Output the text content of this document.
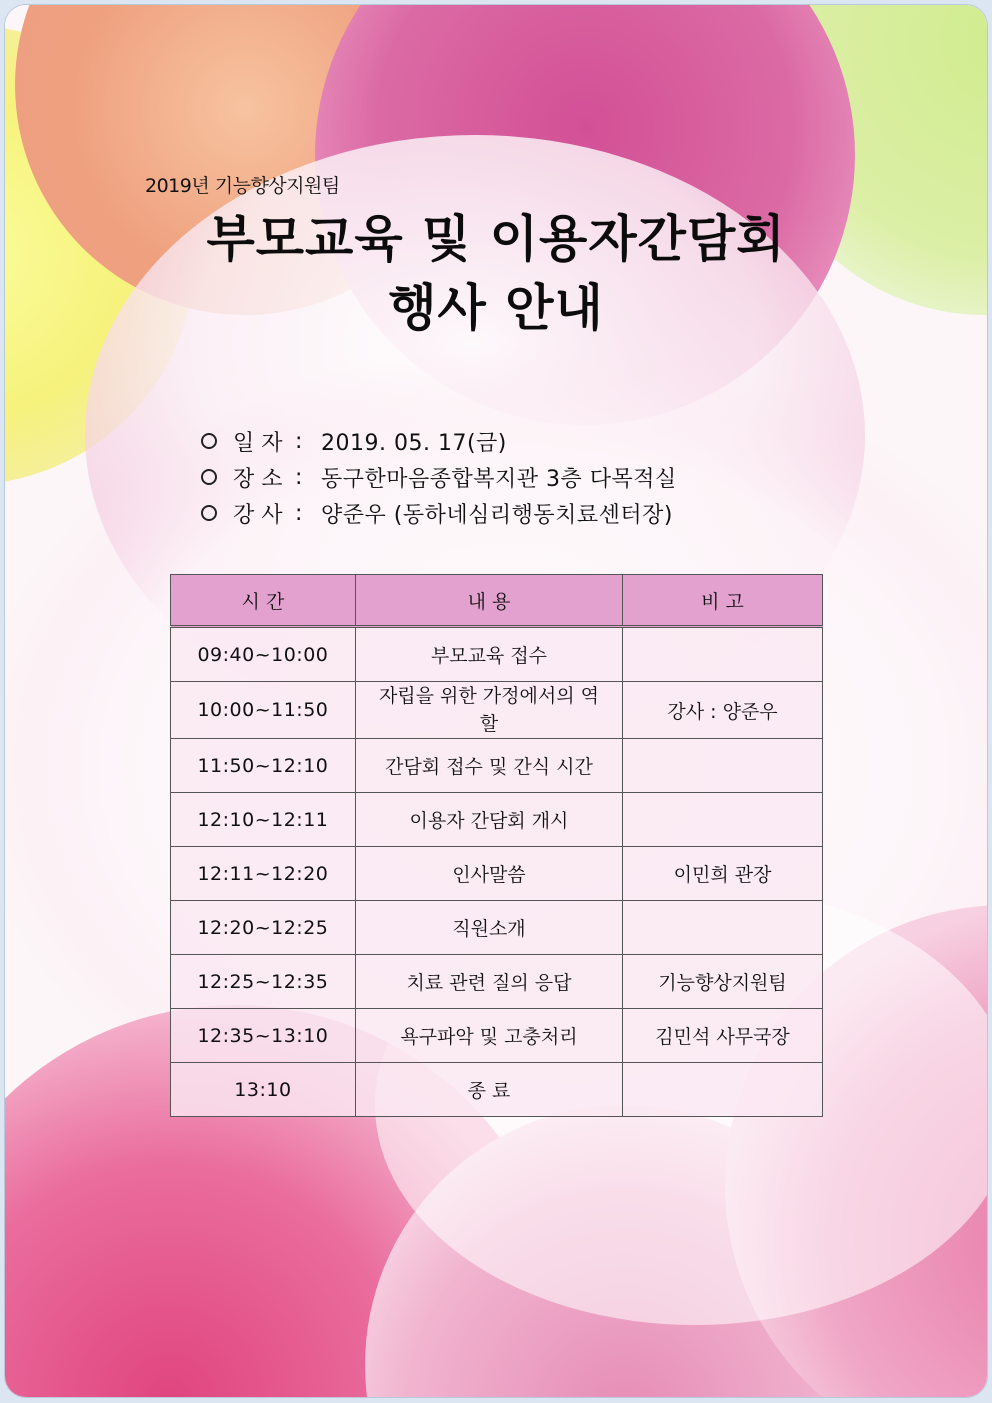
2019년 기능향상지원팀
부모교육 및 이용자간담회
행사 안내
일 자 : 2019. 05. 17(금)
장 소 : 동구한마음종합복지관 3층 다목적실
강 사 : 양준우 (동하네심리행동치료센터장)
시 간	내 용	비 고
09:40~10:00	부모교육 접수	
10:00~11:50	자립을 위한 가정에서의 역할	강사 : 양준우
11:50~12:10	간담회 접수 및 간식 시간	
12:10~12:11	이용자 간담회 개시	
12:11~12:20	인사말씀	이민희 관장
12:20~12:25	직원소개	
12:25~12:35	치료 관련 질의 응답	기능향상지원팀
12:35~13:10	욕구파악 및 고충처리	김민석 사무국장
13:10	종 료	
